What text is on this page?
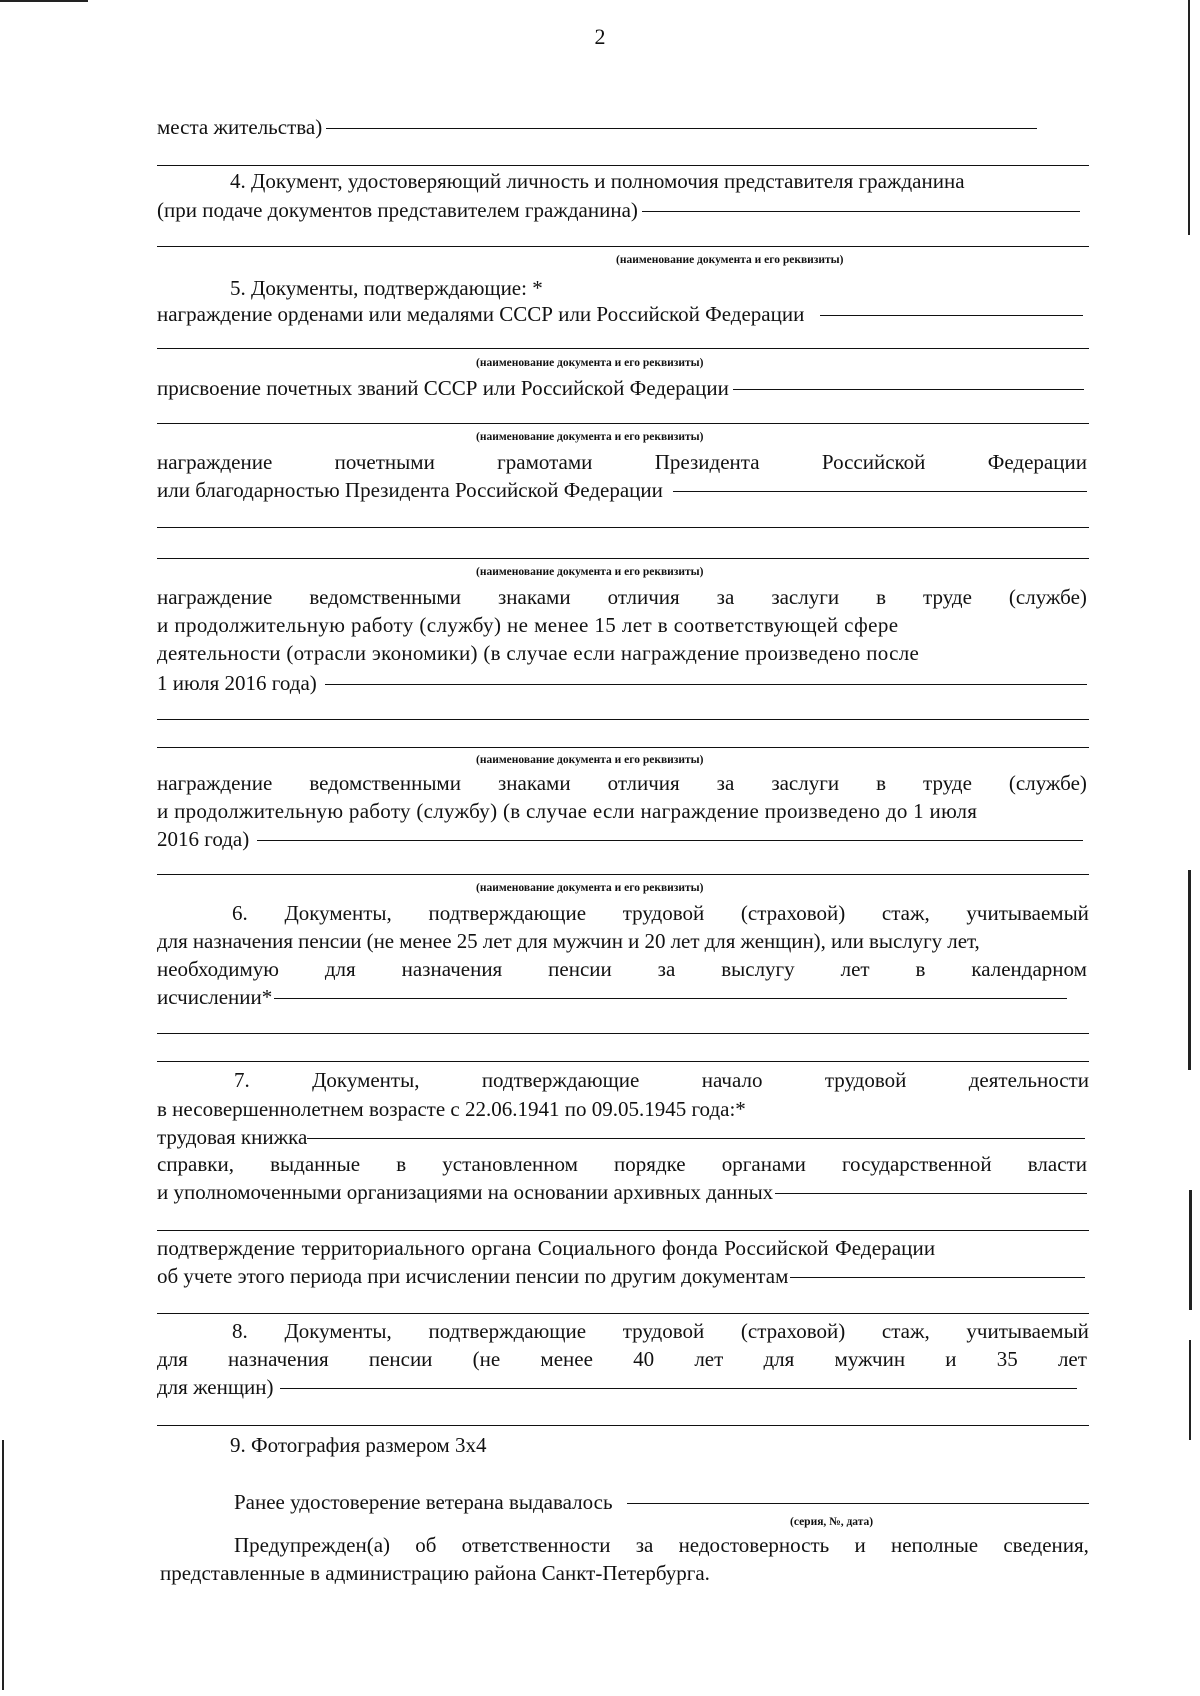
2
места жительства)
4. Документ, удостоверяющий личность и полномочия представителя гражданина
(при подаче документов представителем гражданина)
(наименование документа и его реквизиты)
5. Документы, подтверждающие: *
награждение орденами или медалями СССР или Российской Федерации
(наименование документа и его реквизиты)
присвоение почетных званий СССР или Российской Федерации
(наименование документа и его реквизиты)
награждение	почетными	грамотами	Президента	Российской	Федерации
или благодарностью Президента Российской Федерации
(наименование документа и его реквизиты)
награждение ведомственными знаками отличия за заслуги в труде (службе)
и продолжительную работу (службу) не менее 15 лет в соответствующей сфере
деятельности (отрасли экономики) (в случае если награждение произведено после
1 июля 2016 года)
(наименование документа и его реквизиты)
награждение ведомственными знаками отличия за заслуги в труде (службе)
и продолжительную работу (службу) (в случае если награждение произведено до 1 июля
2016 года)
(наименование документа и его реквизиты)
6. Документы, подтверждающие трудовой (страховой) стаж, учитываемый
для назначения пенсии (не менее 25 лет для мужчин и 20 лет для женщин), или выслугу лет,
необходимую для назначения пенсии за выслугу лет в календарном
исчислении*
7.	Документы,	подтверждающие	начало	трудовой	деятельности
в несовершеннолетнем возрасте с 22.06.1941 по 09.05.1945 года:*
трудовая книжка
справки, выданные в установленном порядке органами государственной власти
и уполномоченными организациями на основании архивных данных
подтверждение территориального органа Социального фонда Российской Федерации
об учете этого периода при исчислении пенсии по другим документам
8. Документы, подтверждающие трудовой (страховой) стаж, учитываемый
для назначения пенсии (не менее 40 лет для мужчин и 35 лет
для женщин)
9. Фотография размером 3х4
Ранее удостоверение ветерана выдавалось
(серия, №, дата)
Предупрежден(а) об ответственности за недостоверность и неполные сведения,
представленные в администрацию района Санкт-Петербурга.
